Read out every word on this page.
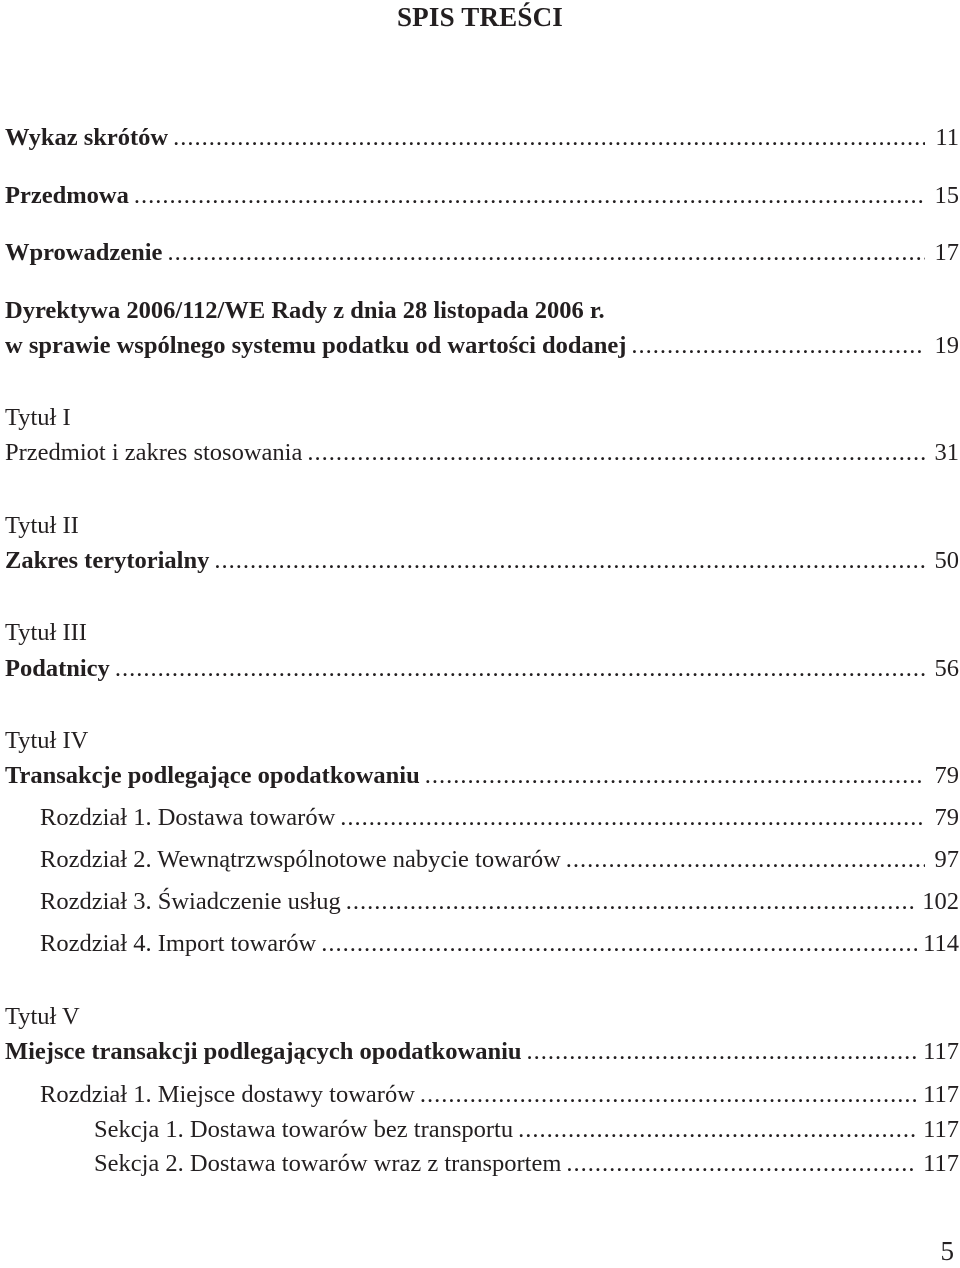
SPIS TREŚCI
Wykaz skrótów .....	11
Przedmowa .....	15
Wprowadzenie .....	17
Dyrektywa 2006/112/WE Rady z dnia 28 listopada 2006 r.
w sprawie wspólnego systemu podatku od wartości dodanej .....	19
Tytuł I
Przedmiot i zakres stosowania .....	31
Tytuł II
Zakres terytorialny .....	50
Tytuł III
Podatnicy .....	56
Tytuł IV
Transakcje podlegające opodatkowaniu .....	79
Rozdział 1. Dostawa towarów .....	79
Rozdział 2. Wewnątrzwspólnotowe nabycie towarów .....	97
Rozdział 3. Świadczenie usług .....	102
Rozdział 4. Import towarów .....	114
Tytuł V
Miejsce transakcji podlegających opodatkowaniu .....	117
Rozdział 1. Miejsce dostawy towarów .....	117
Sekcja 1. Dostawa towarów bez transportu .....	117
Sekcja 2. Dostawa towarów wraz z transportem .....	117
5
